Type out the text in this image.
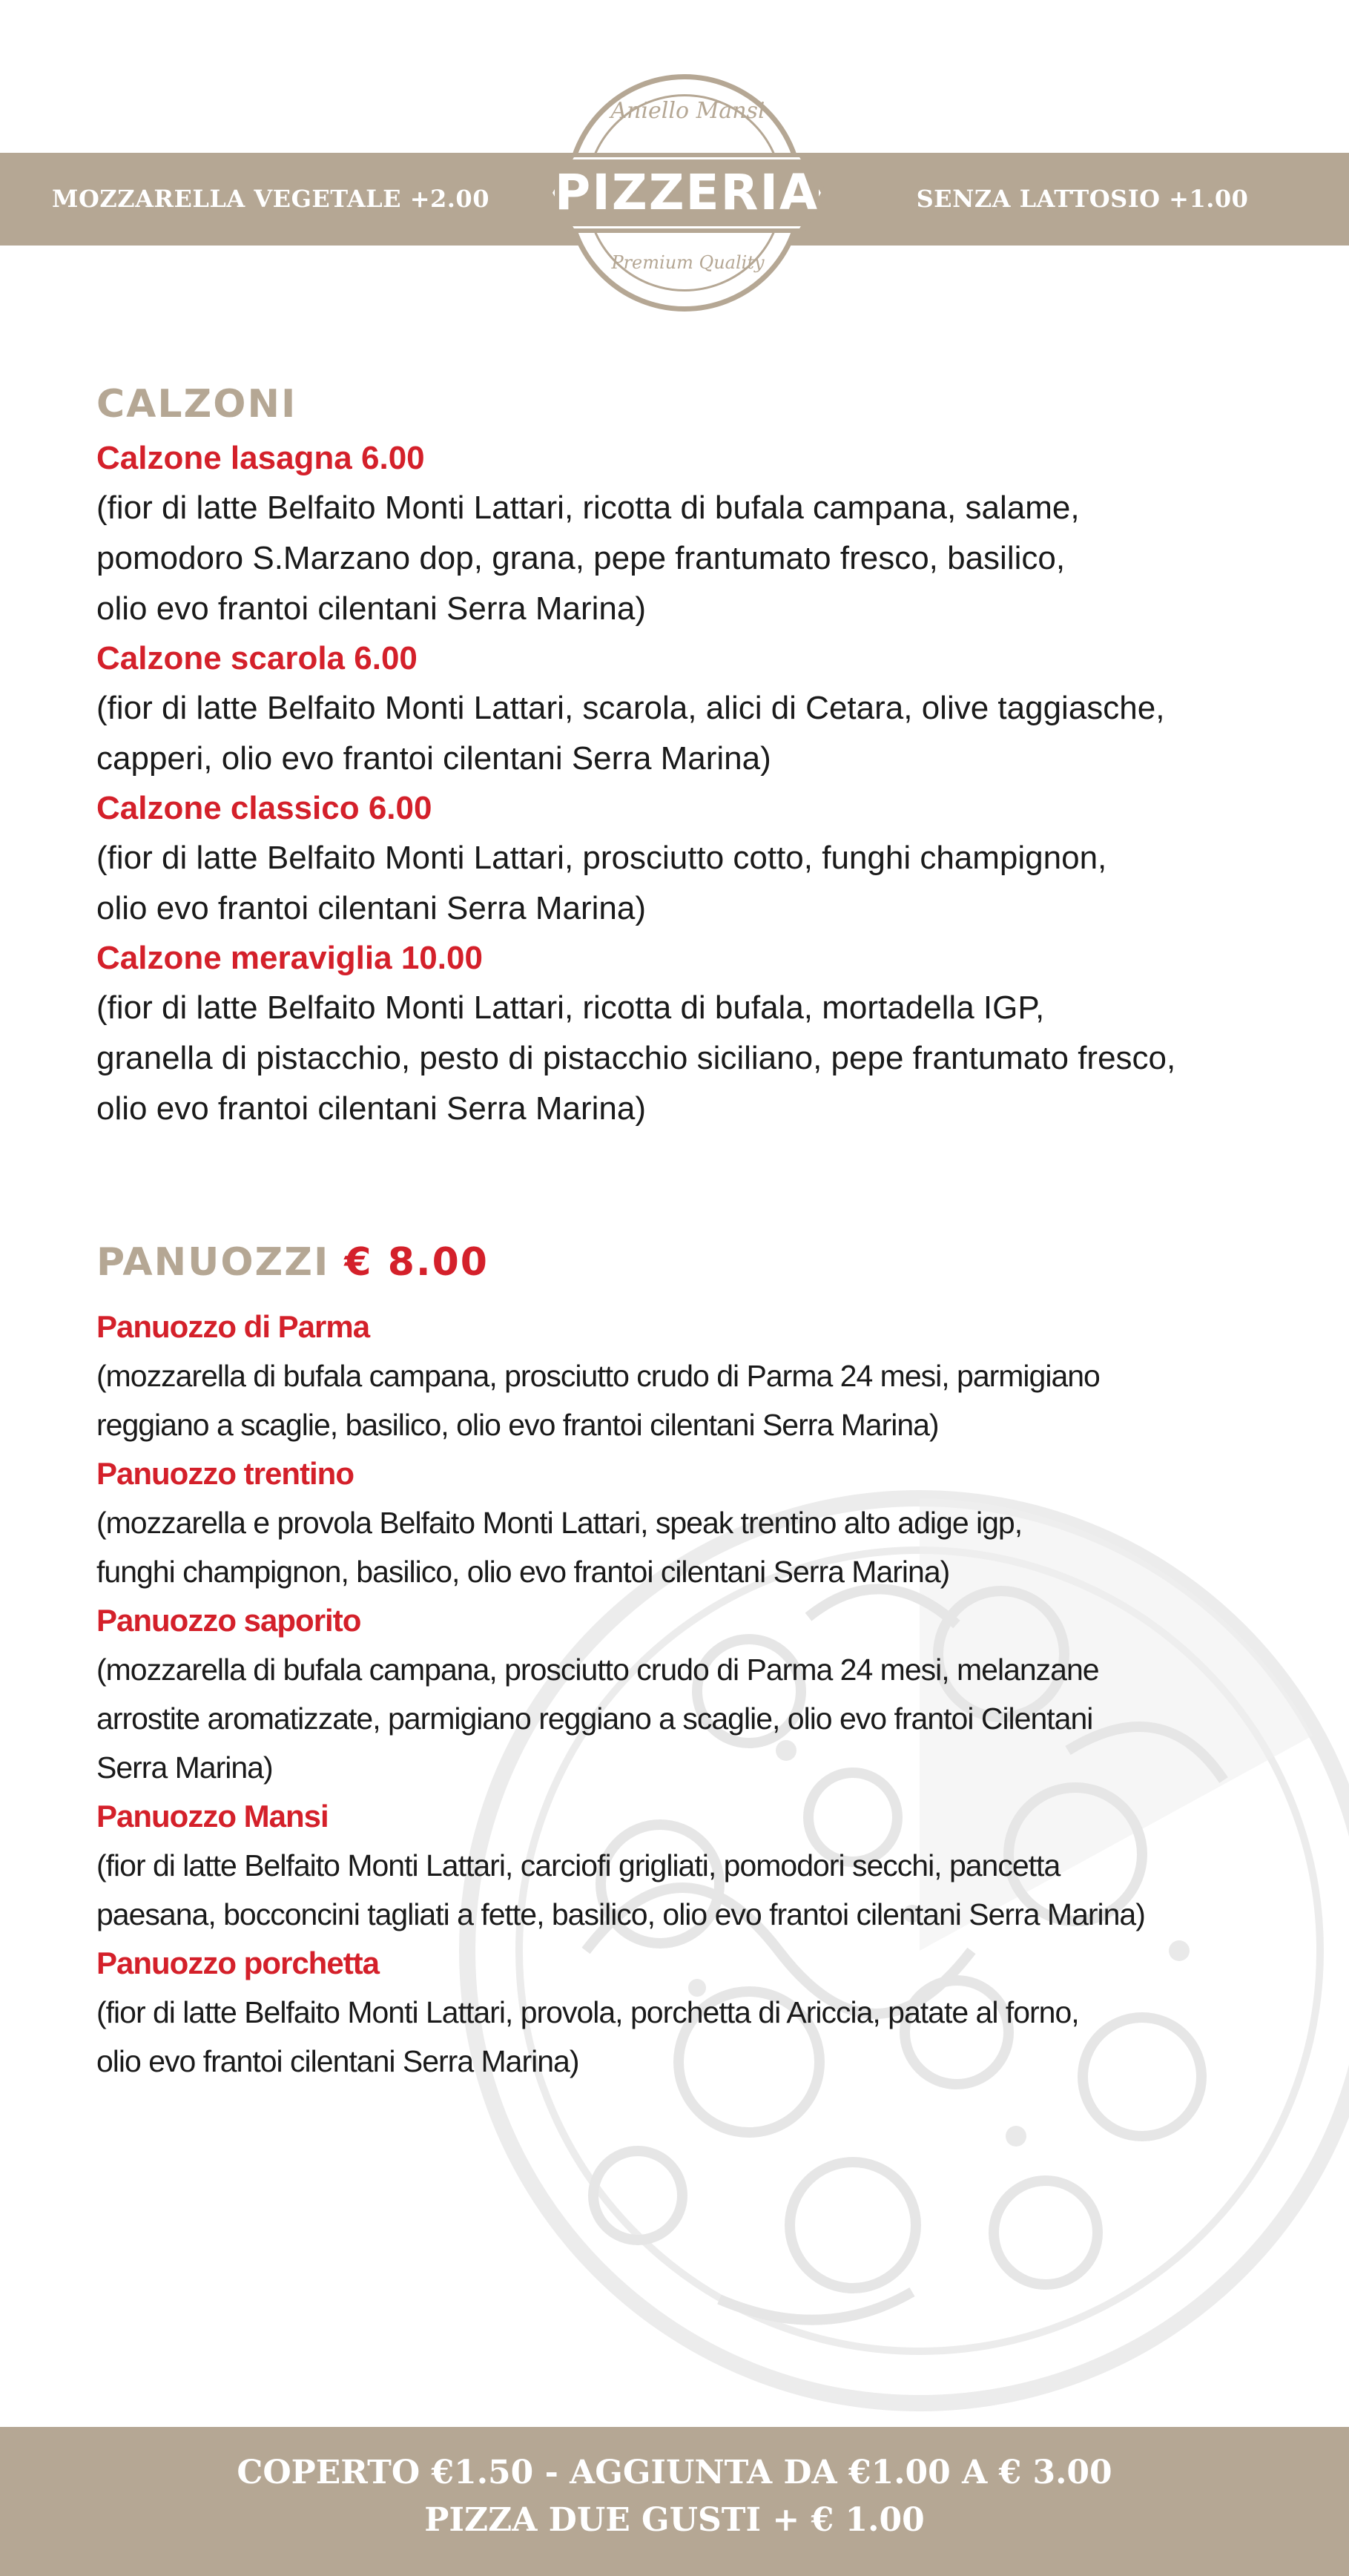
MOZZARELLA VEGETALE +2.00	SENZA LATTOSIO +1.00
Aniello Mansi
PIZZERIA
Premium Quality
CALZONI
Calzone lasagna 6.00
(fior di latte Belfaito Monti Lattari, ricotta di bufala campana, salame,
pomodoro S.Marzano dop, grana, pepe frantumato fresco, basilico,
olio evo frantoi cilentani Serra Marina)
Calzone scarola 6.00
(fior di latte Belfaito Monti Lattari, scarola, alici di Cetara, olive taggiasche,
capperi, olio evo frantoi cilentani Serra Marina)
Calzone classico 6.00
(fior di latte Belfaito Monti Lattari, prosciutto cotto, funghi champignon,
olio evo frantoi cilentani Serra Marina)
Calzone meraviglia 10.00
(fior di latte Belfaito Monti Lattari, ricotta di bufala, mortadella IGP,
granella di pistacchio, pesto di pistacchio siciliano, pepe frantumato fresco,
olio evo frantoi cilentani Serra Marina)
PANUOZZI € 8.00
Panuozzo di Parma
(mozzarella di bufala campana, prosciutto crudo di Parma 24 mesi, parmigiano
reggiano a scaglie, basilico, olio evo frantoi cilentani Serra Marina)
Panuozzo trentino
(mozzarella e provola Belfaito Monti Lattari, speak trentino alto adige igp,
funghi champignon, basilico, olio evo frantoi cilentani Serra Marina)
Panuozzo saporito
(mozzarella di bufala campana, prosciutto crudo di Parma 24 mesi, melanzane
arrostite aromatizzate, parmigiano reggiano a scaglie, olio evo frantoi Cilentani
Serra Marina)
Panuozzo Mansi
(fior di latte Belfaito Monti Lattari, carciofi grigliati, pomodori secchi, pancetta
paesana, bocconcini tagliati a fette, basilico, olio evo frantoi cilentani Serra Marina)
Panuozzo porchetta
(fior di latte Belfaito Monti Lattari, provola, porchetta di Ariccia, patate al forno,
olio evo frantoi cilentani Serra Marina)
COPERTO €1.50 - AGGIUNTA DA €1.00 A € 3.00
PIZZA DUE GUSTI + € 1.00
